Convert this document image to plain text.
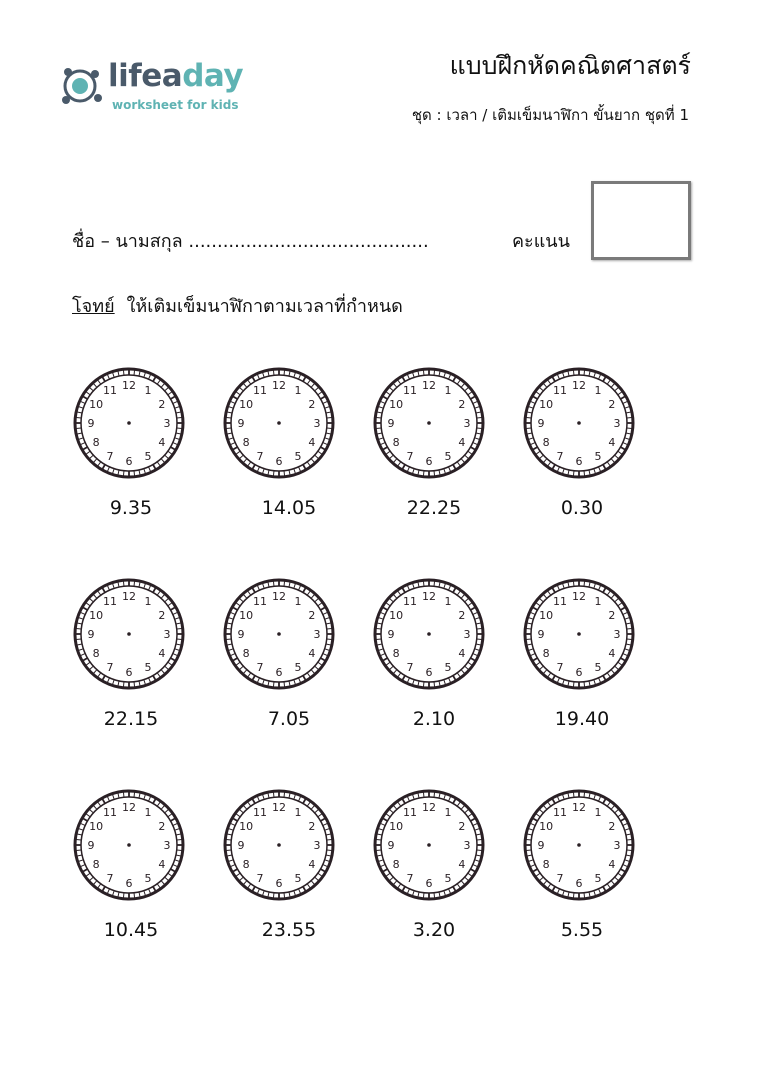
lifeaday
worksheet for kids
แบบฝึกหัดคณิตศาสตร์
ชุด : เวลา / เติมเข็มนาฬิกา ขั้นยาก ชุดที่ 1
ชื่อ – นามสกุล ..........................................	คะแนน
โจทย์ ให้เติมเข็มนาฬิกาตามเวลาที่กำหนด
12 1
2
3
4
5
6
7
8
9
10
11
9.35
12 1
2
3
4
5
6
7
8
9
10
11
14.05
12 1
2
3
4
5
6
7
8
9
10
11
22.25
12 1
2
3
4
5
6
7
8
9
10
11
0.30
12 1
2
3
4
5
6
7
8
9
10
11
22.15
12 1
2
3
4
5
6
7
8
9
10
11
7.05
12 1
2
3
4
5
6
7
8
9
10
11
2.10
12 1
2
3
4
5
6
7
8
9
10
11
19.40
12 1
2
3
4
5
6
7
8
9
10
11
10.45
12 1
2
3
4
5
6
7
8
9
10
11
23.55
12 1
2
3
4
5
6
7
8
9
10
11
3.20
12 1
2
3
4
5
6
7
8
9
10
11
5.55
